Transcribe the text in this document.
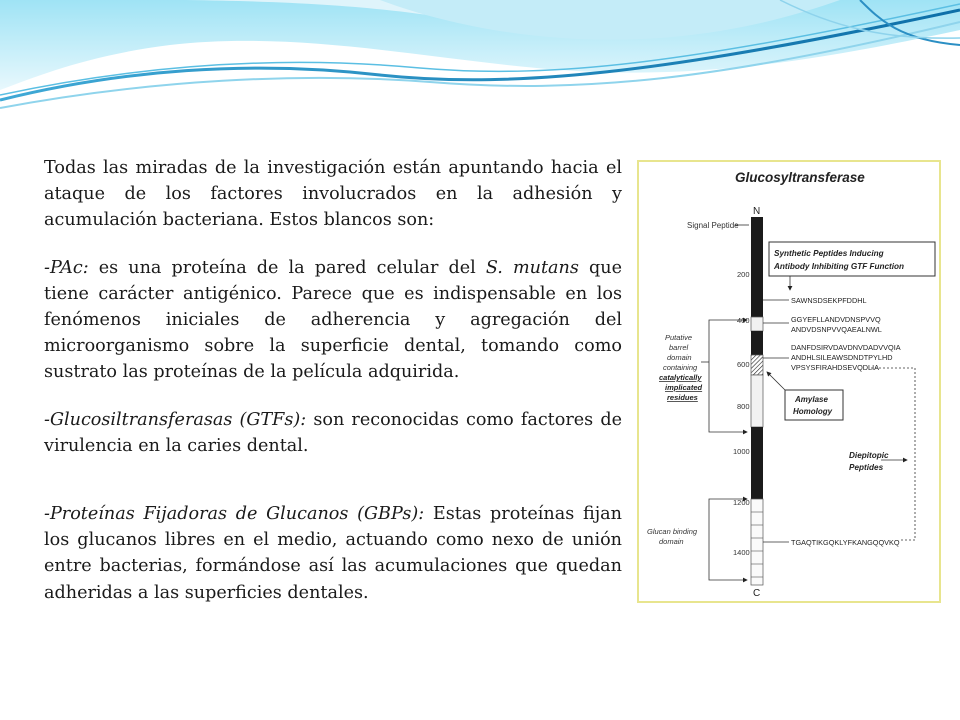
Todas las miradas de la investigación están apuntando hacia el ataque de los factores involucrados en la adhesión y acumulación bacteriana. Estos blancos son:

-PAc: es una proteína de la pared celular del S. mutans que tiene carácter antigénico. Parece que es indispensable en los fenómenos iniciales de adherencia y agregación del microorganismo sobre la superficie dental, tomando como sustrato las proteínas de la película adquirida.

-Glucosiltransferasas (GTFs): son reconocidas como factores de virulencia en la caries dental.

-Proteínas Fijadoras de Glucanos (GBPs): Estas proteínas fijan los glucanos libres en el medio, actuando como nexo de unión entre bacterias, formándose así las acumulaciones que quedan adheridas a las superficies dentales.

Glucosyltransferase
N
C
Signal Peptide
200
400
600
800
1000
1200
1400
Putative
barrel
domain
containing
catalytically
implicated
residues
Glucan binding
domain
Synthetic Peptides Inducing
Antibody Inhibiting GTF Function
SAWNSDSEKPFDDHL
GGYEFLLANDVDNSPVVQ
ANDVDSNPVVQAEALNWL
DANFDSIRVDAVDNVDADVVQIA
ANDHLSILEAWSDNDTPYLHD
VPSYSFIRAHDSEVQDLIA
TGAQTIKGQKLYFKANGQQVKQ
Amylase
Homology
Diepitopic
Peptides
